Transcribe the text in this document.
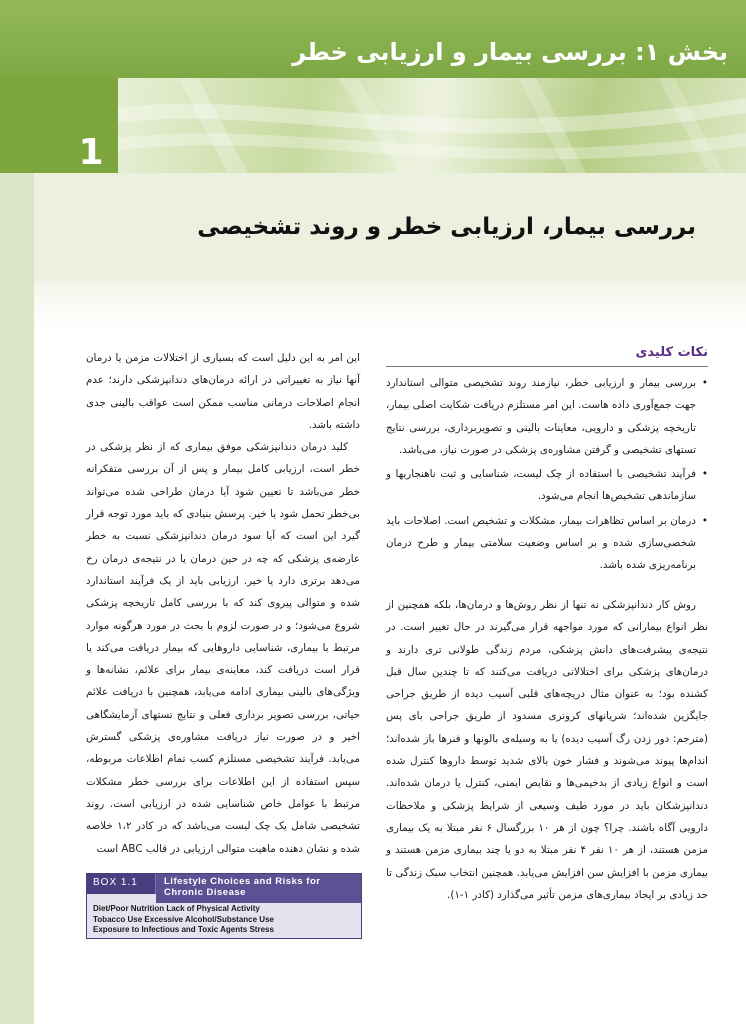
بخش ۱: بررسی بیمار و ارزیابی خطر
1
بررسی بیمار، ارزیابی خطر و روند تشخیصی
نکات کلیدی
• بررسی بیمار و ارزیابی خطر، نیازمند روند تشخیصی متوالی استاندارد جهت جمع‌آوری داده هاست. این امر مستلزم دریافت شکایت اصلی بیمار، تاریخچه پزشکی و دارویی، معاینات بالینی و تصویربرداری، بررسی نتایج تستهای تشخیصی و گرفتن مشاوره‌ی پزشکی در صورت نیاز، می‌باشد.
• فرآیند تشخیصی با استفاده از چک لیست، شناسایی و ثبت ناهنجاریها و سازماندهی تشخیص‌ها انجام می‌شود.
• درمان بر اساس تظاهرات بیمار، مشکلات و تشخیص است. اصلاحات باید شخصی‌سازی شده و بر اساس وضعیت سلامتی بیمار و طرح درمان برنامه‌ریزی شده باشد.

روش کار دندانپزشکی نه تنها از نظر روش‌ها و درمان‌ها، بلکه همچنین از نظر انواع بیمارانی که مورد مواجهه قرار می‌گیرند در حال تغییر است. در نتیجه‌ی پیشرفت‌های دانش پزشکی، مردم زندگی طولانی تری دارند و درمان‌های پزشکی برای اختلالاتی دریافت می‌کنند که تا چندین سال قبل کشنده بود؛ به عنوان مثال دریچه‌های قلبی آسیب دیده از طریق جراحی جایگزین شده‌اند؛ شریانهای کرونری مسدود از طریق جراحی بای پس (مترجم: دور زدن رگ آسیب دیده) یا به وسیله‌ی بالونها و فنرها باز شده‌اند؛ اندام‌ها پیوند می‌شوند و فشار خون بالای شدید توسط داروها کنترل شده است و انواع زیادی از بدخیمی‌ها و نقایص ایمنی، کنترل یا درمان شده‌اند. دندانپزشکان باید در مورد طیف وسیعی از شرایط پزشکی و ملاحظات دارویی آگاه باشند. چرا؟ چون از هر ۱۰ بزرگسال ۶ نفر مبتلا به یک بیماری مزمن هستند، از هر ۱۰ نفر ۴ نفر مبتلا به دو یا چند بیماری مزمن هستند و بیماری مزمن با افزایش سن افزایش می‌یابد. همچنین انتخاب سبک زندگی تا حد زیادی بر ایجاد بیماری‌های مزمن تأثیر می‌گذارد (کادر ۱-۱).

این امر به این دلیل است که بسیاری از اختلالات مزمن یا درمان آنها نیاز به تغییراتی در ارائه درمان‌های دندانپزشکی دارند؛ عدم انجام اصلاحات درمانی مناسب ممکن است عواقب بالینی جدی داشته باشد.

کلید درمان دندانپزشکی موفق بیماری که از نظر پزشکی در خطر است، ارزیابی کامل بیمار و پس از آن بررسی متفکرانه خطر می‌باشد تا تعیین شود آیا درمان طراحی شده می‌تواند بی‌خطر تحمل شود یا خیر. پرسش بنیادی که باید مورد توجه قرار گیرد این است که آیا سود درمان دندانپزشکی نسبت به خطر عارضه‌ی پزشکی که چه در حین درمان یا در نتیجه‌ی درمان رخ می‌دهد برتری دارد یا خیر. ارزیابی باید از یک فرآیند استاندارد شده و متوالی پیروی کند که با بررسی کامل تاریخچه پزشکی شروع می‌شود؛ و در صورت لزوم با بحث در مورد هرگونه موارد مرتبط با بیماری، شناسایی داروهایی که بیمار دریافت می‌کند یا قرار است دریافت کند، معاینه‌ی بیمار برای علائم، نشانه‌ها و ویژگی‌های بالینی بیماری ادامه می‌یابد، همچنین با دریافت علائم حیاتی، بررسی تصویر برداری فعلی و نتایج تستهای آزمایشگاهی اخیر و در صورت نیاز دریافت مشاوره‌ی پزشکی گسترش می‌یابد. فرآیند تشخیصی مستلزم کسب تمام اطلاعات مربوطه، سپس استفاده از این اطلاعات برای بررسی خطر مشکلات مرتبط با عوامل خاص شناسایی شده در ارزیابی است. روند تشخیصی شامل یک چک لیست می‌باشد که در کادر ۱،۲ خلاصه شده و نشان دهنده ماهیت متوالی ارزیابی در قالب ABC است

BOX 1.1	Lifestyle Choices and Risks for Chronic Disease
Diet/Poor Nutrition Lack of Physical Activity
Tobacco Use Excessive Alcohol/Substance Use
Exposure to Infectious and Toxic Agents Stress
